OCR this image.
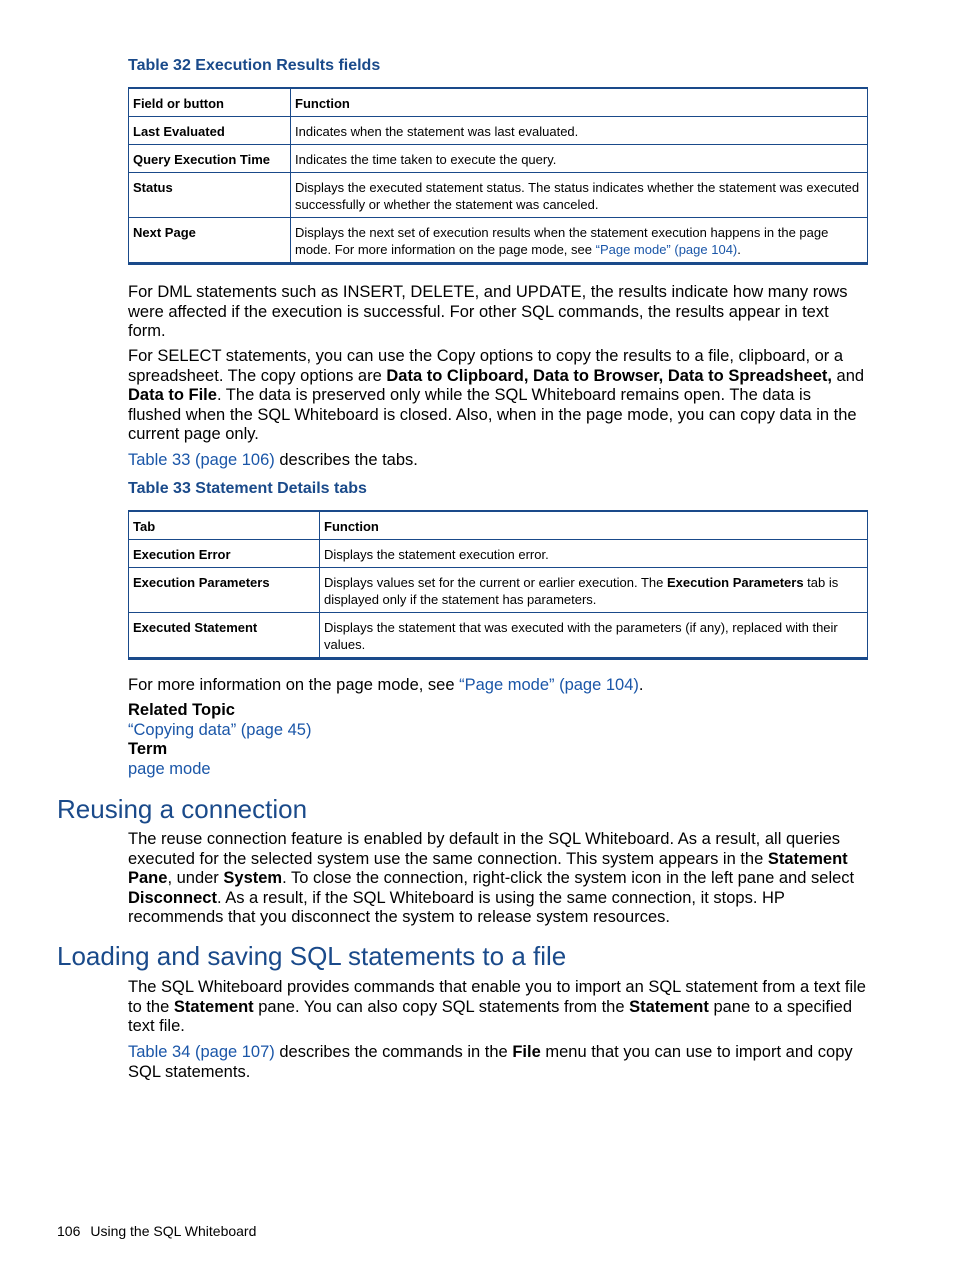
Table 32 Execution Results fields
Field or button	Function
Last Evaluated	Indicates when the statement was last evaluated.
Query Execution Time	Indicates the time taken to execute the query.
Status	Displays the executed statement status. The status indicates whether the statement was executed successfully or whether the statement was canceled.
Next Page	Displays the next set of execution results when the statement execution happens in the page mode. For more information on the page mode, see “Page mode” (page 104).

For DML statements such as INSERT, DELETE, and UPDATE, the results indicate how many rows were affected if the execution is successful. For other SQL commands, the results appear in text form.

For SELECT statements, you can use the Copy options to copy the results to a file, clipboard, or a spreadsheet. The copy options are Data to Clipboard, Data to Browser, Data to Spreadsheet, and Data to File. The data is preserved only while the SQL Whiteboard remains open. The data is flushed when the SQL Whiteboard is closed. Also, when in the page mode, you can copy data in the current page only.

Table 33 (page 106) describes the tabs.

Table 33 Statement Details tabs
Tab	Function
Execution Error	Displays the statement execution error.
Execution Parameters	Displays values set for the current or earlier execution. The Execution Parameters tab is displayed only if the statement has parameters.
Executed Statement	Displays the statement that was executed with the parameters (if any), replaced with their values.

For more information on the page mode, see “Page mode” (page 104).

Related Topic

“Copying data” (page 45)

Term

page mode

Reusing a connection

The reuse connection feature is enabled by default in the SQL Whiteboard. As a result, all queries executed for the selected system use the same connection. This system appears in the Statement Pane, under System. To close the connection, right-click the system icon in the left pane and select Disconnect. As a result, if the SQL Whiteboard is using the same connection, it stops. HP recommends that you disconnect the system to release system resources.

Loading and saving SQL statements to a file

The SQL Whiteboard provides commands that enable you to import an SQL statement from a text file to the Statement pane. You can also copy SQL statements from the Statement pane to a specified text file.

Table 34 (page 107) describes the commands in the File menu that you can use to import and copy SQL statements.

106 Using the SQL Whiteboard
